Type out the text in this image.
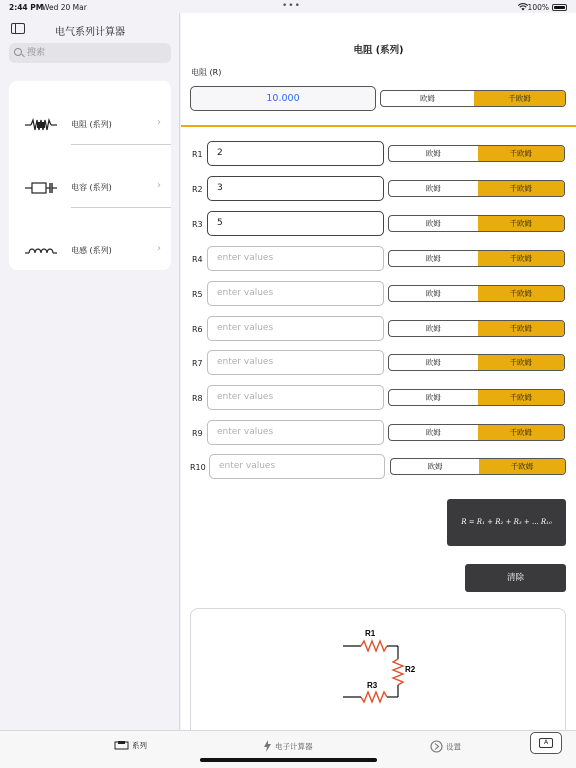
2:44 PM
Wed 20 Mar	•••	100%
电气系列计算器
搜索
电阻 (系列)	›
电容 (系列)	›
电感 (系列)	›
电阻 (系列)
电阻 (R)
10.000	欧姆	千欧姆
R1	2	欧姆	千欧姆
R2	3	欧姆	千欧姆
R3	5	欧姆	千欧姆
R4	enter values	欧姆	千欧姆
R5	enter values	欧姆	千欧姆
R6	enter values	欧姆	千欧姆
R7	enter values	欧姆	千欧姆
R8	enter values	欧姆	千欧姆
R9	enter values	欧姆	千欧姆
R10	enter values	欧姆	千欧姆
R = R₁ + R₂ + R₃ + ... R₁₀
清除
R1
R2
R3
系列	电子计算器	设置	A
